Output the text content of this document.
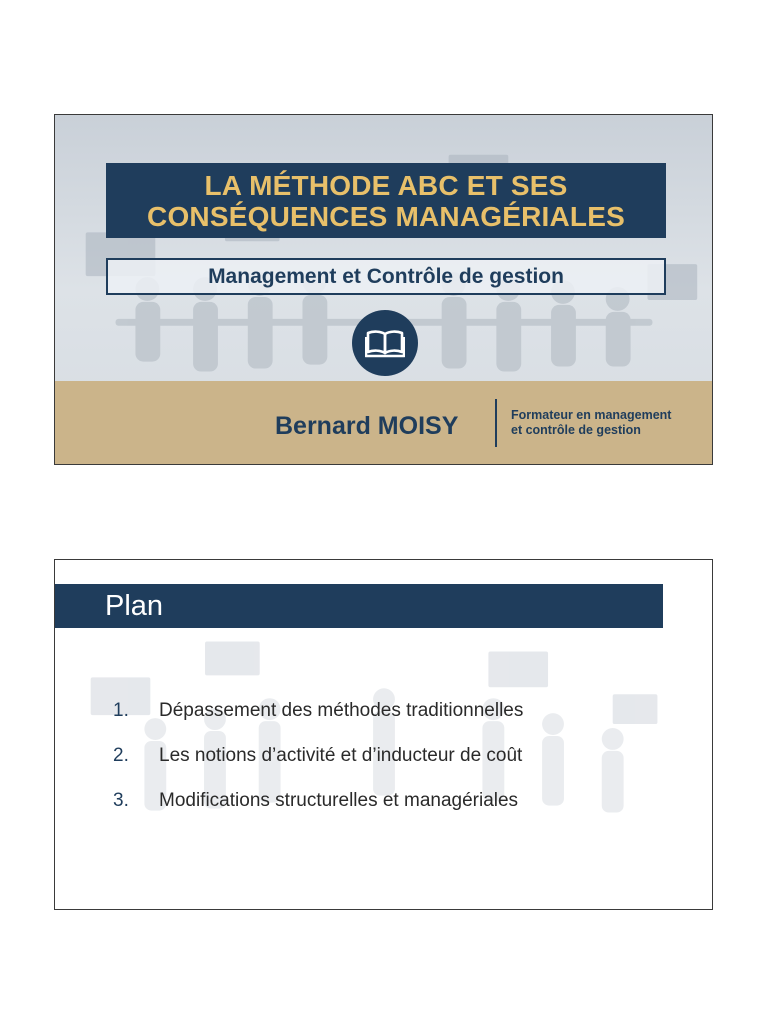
LA MÉTHODE ABC ET SES
CONSÉQUENCES MANAGÉRIALES
Management et Contrôle de gestion
Bernard MOISY	Formateur en management
et contrôle de gestion
Plan
1. Dépassement des méthodes traditionnelles
2. Les notions d’activité et d’inducteur de coût
3. Modifications structurelles et managériales
